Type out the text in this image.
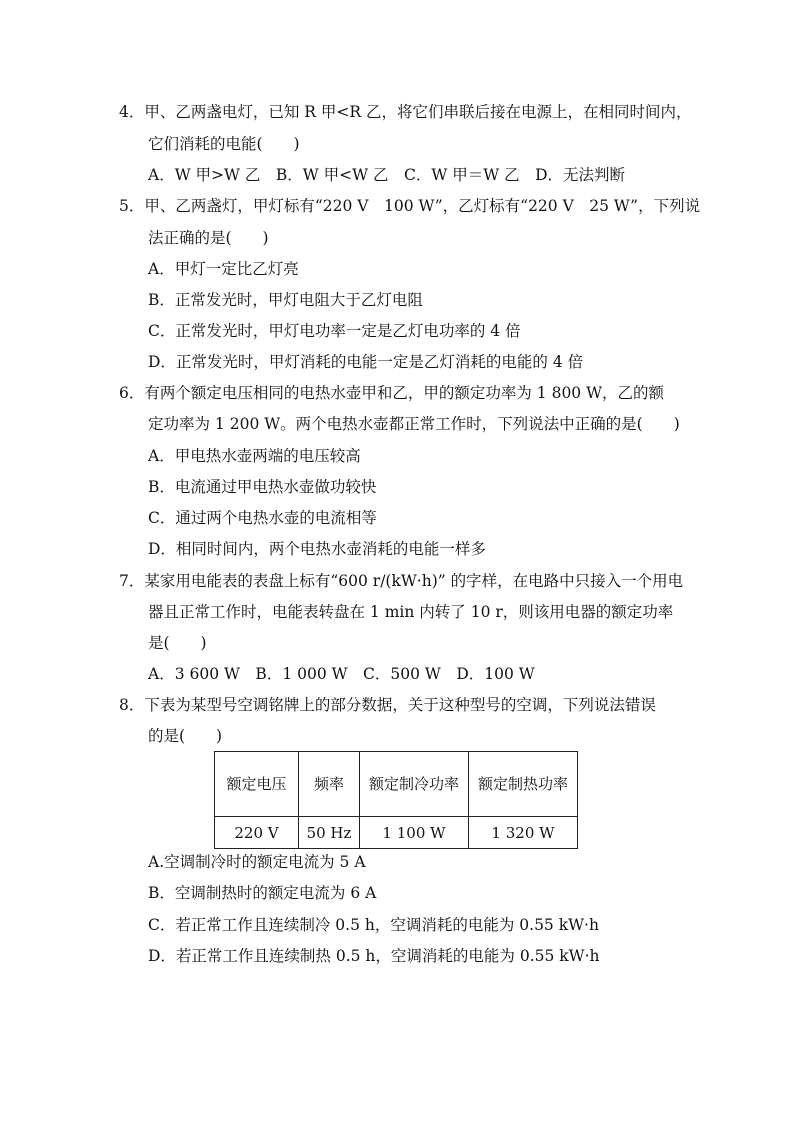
4．甲、乙两盏电灯，已知 R 甲<R 乙，将它们串联后接在电源上，在相同时间内，
它们消耗的电能(　　)
A．W 甲>W 乙　B．W 甲<W 乙　C．W 甲＝W 乙　D．无法判断
5．甲、乙两盏灯，甲灯标有“220 V　100 W”，乙灯标有“220 V　25 W”，下列说
法正确的是(　　)
A．甲灯一定比乙灯亮
B．正常发光时，甲灯电阻大于乙灯电阻
C．正常发光时，甲灯电功率一定是乙灯电功率的 4 倍
D．正常发光时，甲灯消耗的电能一定是乙灯消耗的电能的 4 倍
6．有两个额定电压相同的电热水壶甲和乙，甲的额定功率为 1 800 W，乙的额
定功率为 1 200 W。两个电热水壶都正常工作时，下列说法中正确的是(　　)
A．甲电热水壶两端的电压较高
B．电流通过甲电热水壶做功较快
C．通过两个电热水壶的电流相等
D．相同时间内，两个电热水壶消耗的电能一样多
7．某家用电能表的表盘上标有“600 r/(kW·h)” 的字样，在电路中只接入一个用电
器且正常工作时，电能表转盘在 1 min 内转了 10 r，则该用电器的额定功率
是(　　)
A．3 600 W　B．1 000 W　C．500 W　D．100 W
8．下表为某型号空调铭牌上的部分数据，关于这种型号的空调，下列说法错误
的是(　　)
额定电压	频率	额定制冷功率	额定制热功率
220 V	50 Hz	1 100 W	1 320 W
A.空调制冷时的额定电流为 5 A
B．空调制热时的额定电流为 6 A
C．若正常工作且连续制冷 0.5 h，空调消耗的电能为 0.55 kW·h
D．若正常工作且连续制热 0.5 h，空调消耗的电能为 0.55 kW·h
